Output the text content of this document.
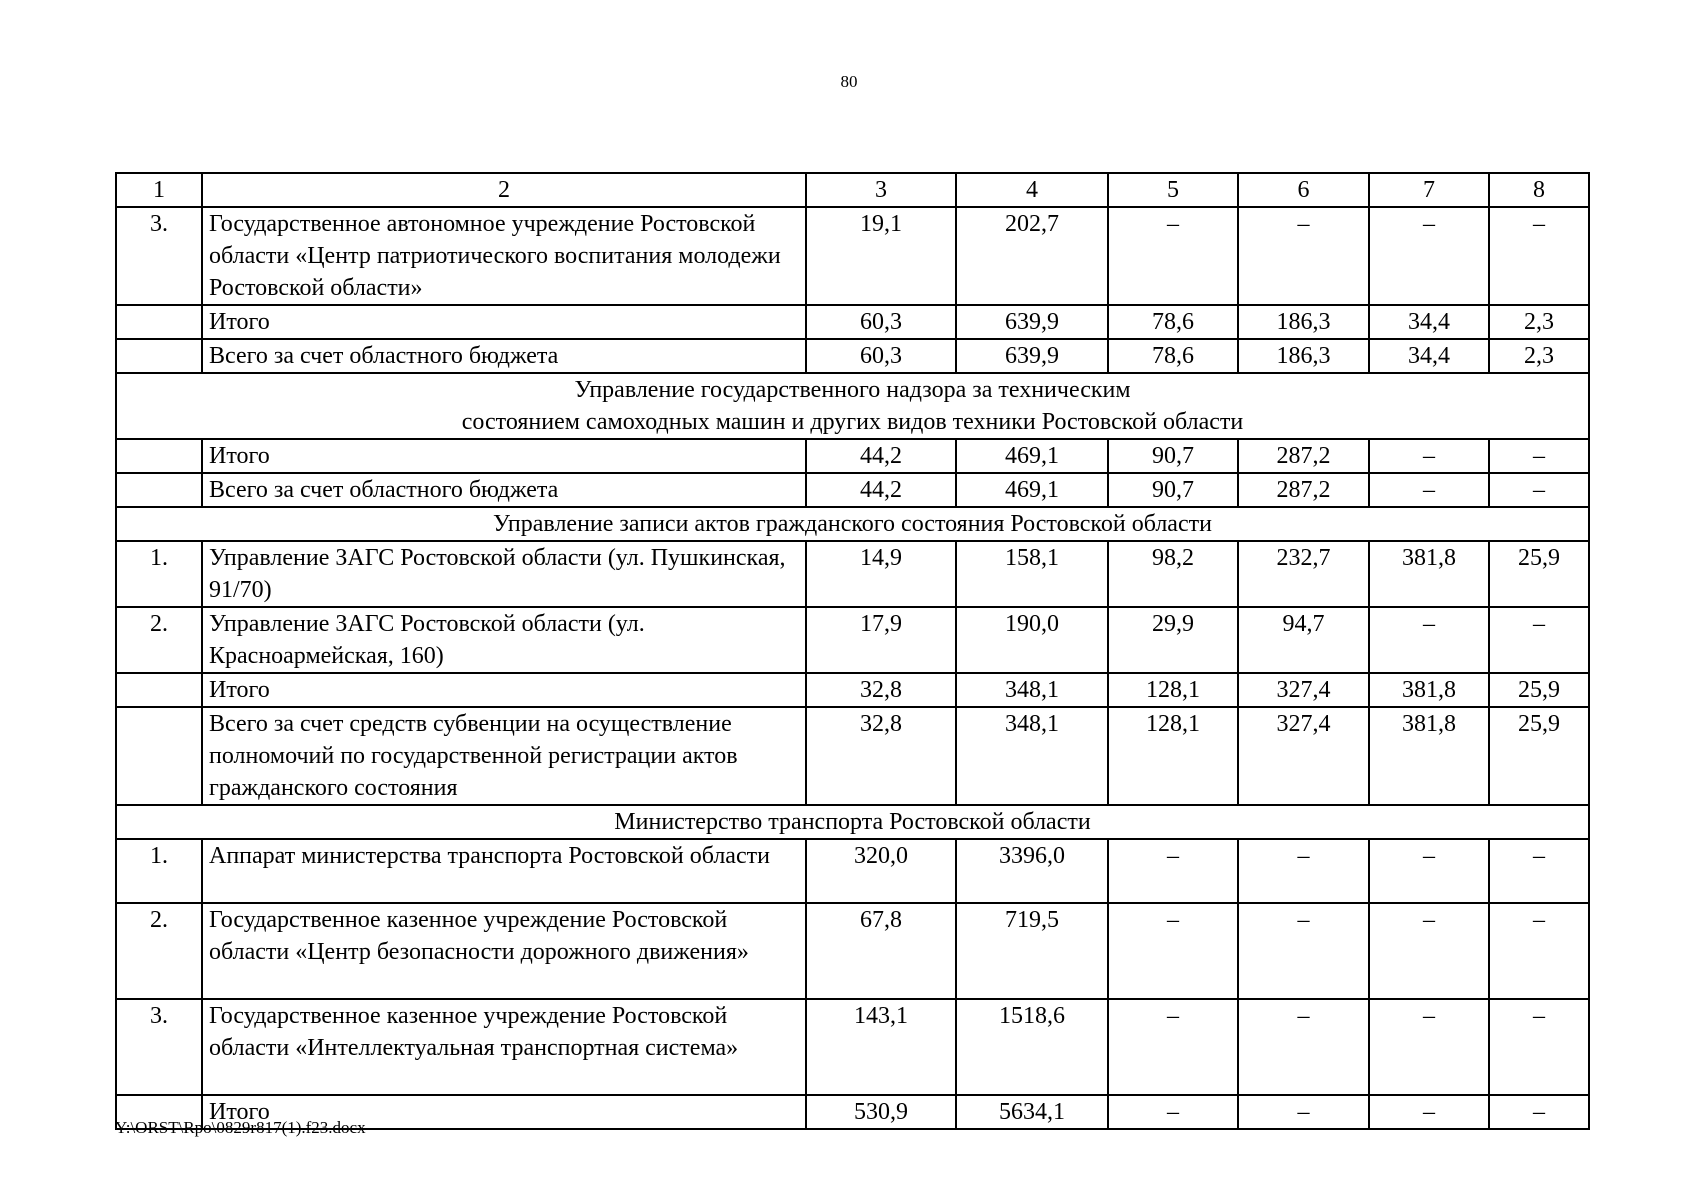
80
1	2	3	4	5	6	7	8
3.	Государственное автономное учреждение Ростовской области «Центр патриотического воспитания молодежи Ростовской области»	19,1	202,7	–	–	–	–
	Итого	60,3	639,9	78,6	186,3	34,4	2,3
	Всего за счет областного бюджета	60,3	639,9	78,6	186,3	34,4	2,3

Управление государственного надзора за техническим
состоянием самоходных машин и других видов техники Ростовской области							

	Итого	44,2	469,1	90,7	287,2	–	–
	Всего за счет областного бюджета	44,2	469,1	90,7	287,2	–	–

Управление записи актов гражданского состояния Ростовской области							

1.	Управление ЗАГС Ростовской области (ул. Пушкинская, 91/70)	14,9	158,1	98,2	232,7	381,8	25,9
2.	Управление ЗАГС Ростовской области (ул. Красноармейская, 160)	17,9	190,0	29,9	94,7	–	–
	Итого	32,8	348,1	128,1	327,4	381,8	25,9
	Всего за счет средств субвенции на осуществление полномочий по государственной регистрации актов гражданского состояния	32,8	348,1	128,1	327,4	381,8	25,9

Министерство транспорта Ростовской области							

1.	Аппарат министерства транспорта Ростовской области	320,0	3396,0	–	–	–	–
2.	Государственное казенное учреждение Ростовской области «Центр безопасности дорожного движения»	67,8	719,5	–	–	–	–
3.	Государственное казенное учреждение Ростовской области «Интеллектуальная транспортная система»	143,1	1518,6	–	–	–	–
	Итого	530,9	5634,1	–	–	–	–
Y:\ORST\Rpo\0829r817(1).f23.docx
